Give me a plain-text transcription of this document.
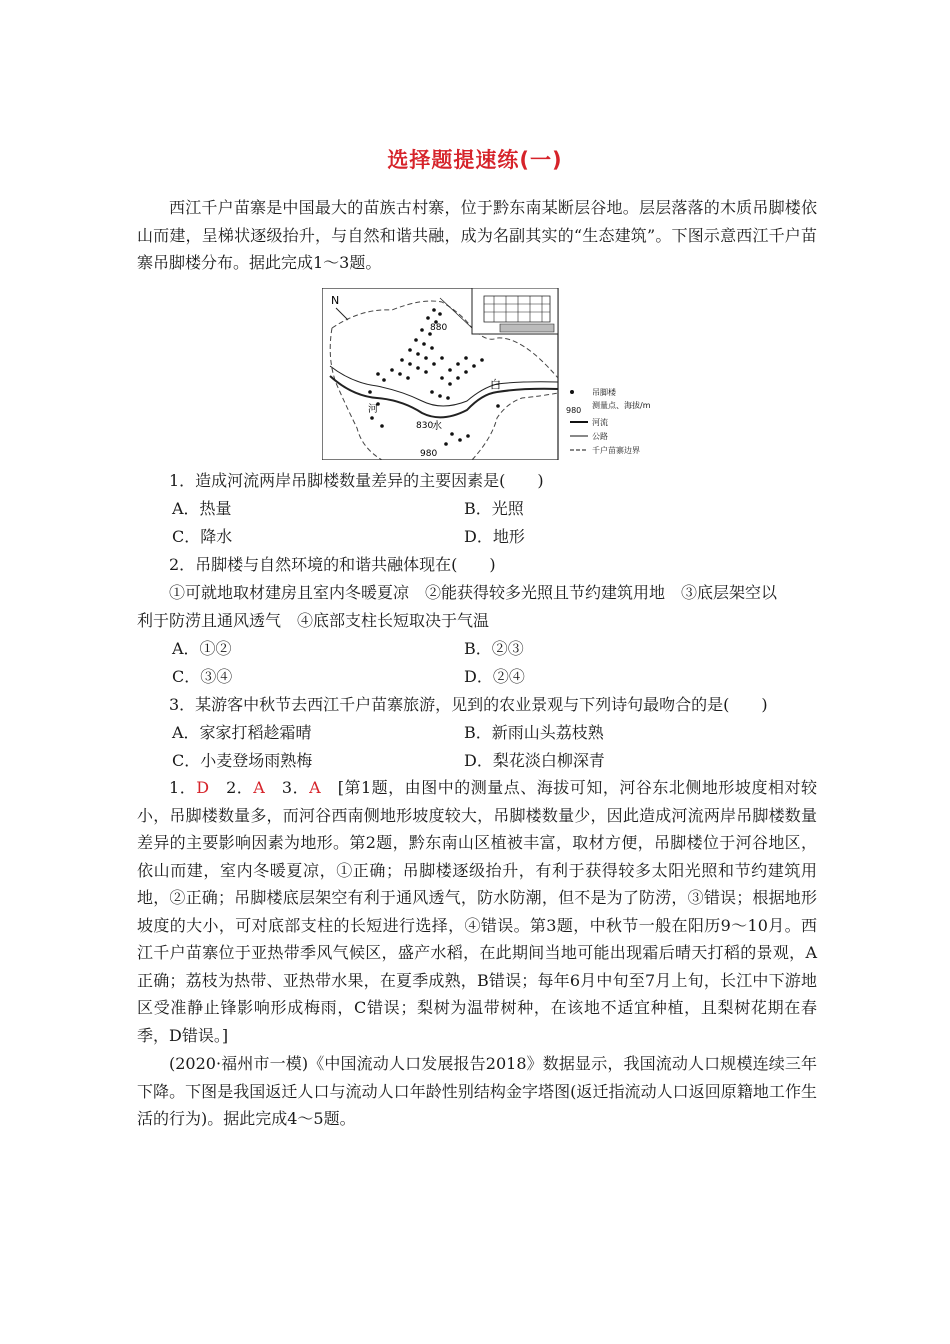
选择题提速练(一)

西江千户苗寨是中国最大的苗族古村寨，位于黔东南某断层谷地。层层落落的木质吊脚楼依山而建，呈梯状逐级抬升，与自然和谐共融，成为名副其实的“生态建筑”。下图示意西江千户苗寨吊脚楼分布。据此完成1～3题。

N
880
830
980
白
河
水
吊脚楼
980
测量点、海拔/m
河流
公路
千户苗寨边界
1．造成河流两岸吊脚楼数量差异的主要因素是(　　)
A．热量	B．光照
C．降水	D．地形
2．吊脚楼与自然环境的和谐共融体现在(　　)
①可就地取材建房且室内冬暖夏凉　②能获得较多光照且节约建筑用地　③底层架空以
利于防涝且通风透气　④底部支柱长短取决于气温
A．①②	B．②③
C．③④	D．②④
3．某游客中秋节去西江千户苗寨旅游，见到的农业景观与下列诗句最吻合的是(　　)
A．家家打稻趁霜晴	B．新雨山头荔枝熟
C．小麦登场雨熟梅	D．梨花淡白柳深青

1．D　 2．A　 3．A　 [第1题，由图中的测量点、海拔可知，河谷东北侧地形坡度相对较小，吊脚楼数量多，而河谷西南侧地形坡度较大，吊脚楼数量少，因此造成河流两岸吊脚楼数量差异的主要影响因素为地形。第2题，黔东南山区植被丰富，取材方便，吊脚楼位于河谷地区，依山而建，室内冬暖夏凉，①正确；吊脚楼逐级抬升，有利于获得较多太阳光照和节约建筑用地，②正确；吊脚楼底层架空有利于通风透气，防水防潮，但不是为了防涝，③错误；根据地形坡度的大小，可对底部支柱的长短进行选择，④错误。第3题，中秋节一般在阳历9～10月。西江千户苗寨位于亚热带季风气候区，盛产水稻，在此期间当地可能出现霜后晴天打稻的景观，A正确；荔枝为热带、亚热带水果，在夏季成熟，B错误；每年6月中旬至7月上旬，长江中下游地区受准静止锋影响形成梅雨，C错误；梨树为温带树种，在该地不适宜种植，且梨树花期在春季，D错误。]

(2020·福州市一模)《中国流动人口发展报告2018》数据显示，我国流动人口规模连续三年下降。下图是我国返迁人口与流动人口年龄性别结构金字塔图(返迁指流动人口返回原籍地工作生活的行为)。据此完成4～5题。
